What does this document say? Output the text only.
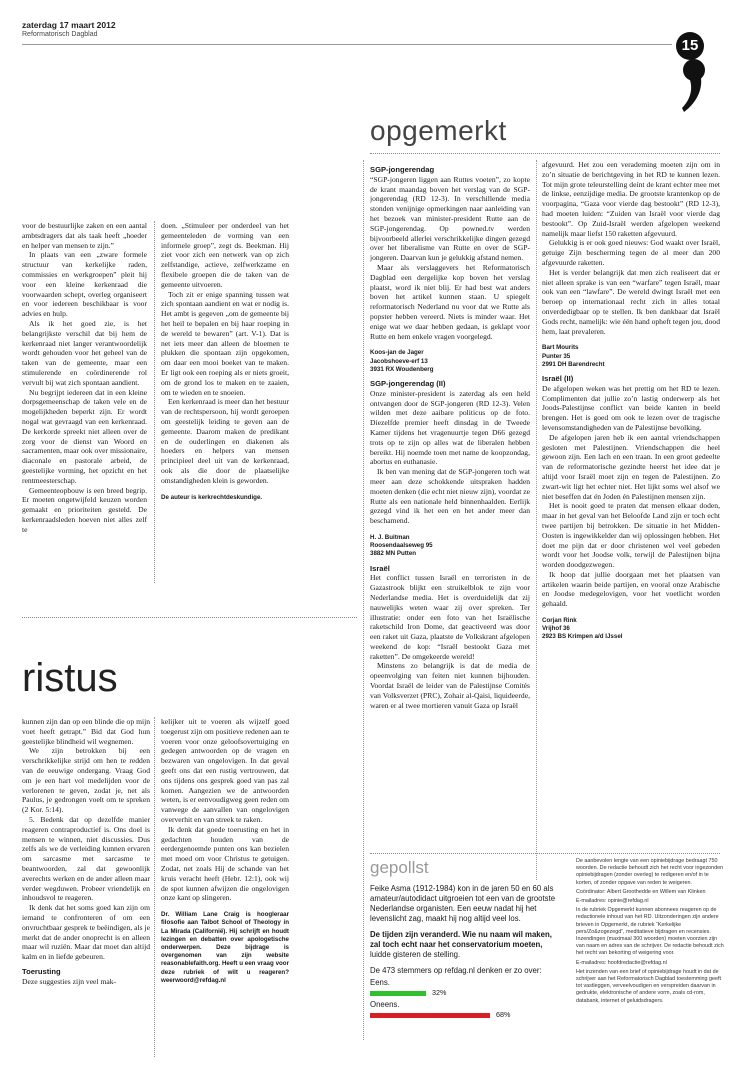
zaterdag 17 maart 2012
Reformatorisch Dagblad
15

voor de bestuurlijke zaken en een aantal ambtsdragers dat als taak heeft „hoeder en helper van mensen te zijn.”

In plaats van een „zware formele structuur van kerkelijke raden, commissies en werkgroepen” pleit hij voor een kleine kerkenraad die voorwaarden schept, overleg organiseert en voor iedereen beschikbaar is voor advies en hulp.

Als ik het goed zie, is het belangrijkste verschil dat bij hem de kerkenraad niet langer verantwoordelijk wordt gehouden voor het geheel van de taken van de gemeente, maar een stimulerende en coördinerende rol vervult bij wat zich spontaan aandient.

Nu begrijpt iedereen dat in een kleine dorpsgemeenschap de taken vele en de mogelijkheden beperkt zijn. Er wordt nogal wat gevraagd van een kerkenraad. De kerkorde spreekt niet alleen over de zorg voor de dienst van Woord en sacramenten, maar ook over missionaire, diaconale en pastorale arbeid, de geestelijke vorming, het opzicht en het rentmeesterschap.

Gemeenteopbouw is een breed begrip. Er moeten ongetwijfeld keuzen worden gemaakt en prioriteiten gesteld. De kerkenraadsleden hoeven niet alles zelf te

doen. „Stimuleer per onderdeel van het gemeenteleden de vorming van een informele groep”, zegt ds. Beekman. Hij ziet voor zich een netwerk van op zich zelfstandige, actieve, zelfwerkzame en flexibele groepen die de taken van de gemeente uitvoeren.

Toch zit er enige spanning tussen wat zich spontaan aandient en wat er nodig is. Het ambt is gegeven „om de gemeente bij het heil te bepalen en bij haar roeping in de wereld te bewaren” (art. V-1). Dat is net iets meer dan alleen de bloemen te plukken die spontaan zijn opgekomen, om daar een mooi boeket van te maken. Er ligt ook een roeping als er niets groeit, om de grond los te maken en te zaaien, om te wieden en te snoeien.

Een kerkenraad is meer dan het bestuur van de rechtspersoon, hij wordt geroepen om geestelijk leiding te geven aan de gemeente. Daarom maken de predikant en de ouderlingen en diakenen als hoeders en helpers van mensen principieel deel uit van de kerkenraad, ook als die door de plaatselijke omstandigheden klein is geworden.

De auteur is kerkrechtdeskundige.
opgemerkt

SGP-jongerendag

“SGP-jongeren liggen aan Ruttes voeten”, zo kopte de krant maandag boven het verslag van de SGP-jongerendag (RD 12-3). In verschillende media stonden venijnige opmerkingen naar aanleiding van het bezoek van minister-president Rutte aan de SGP-jongerendag. Op powned.tv werden bijvoorbeeld allerlei verschrikkelijke dingen gezegd over het liberalisme van Rutte en over de SGP-jongeren. Daarvan kun je gelukkig afstand nemen.

Maar als verslaggevers het Reformatorisch Dagblad een dergelijke kop boven het verslag plaatst, word ik niet blij. Er had best wat anders boven het artikel kunnen staan. U spiegelt reformatorisch Nederland nu voor dat we Rutte als popster hebben vereerd. Niets is minder waar. Het enige wat we daar hebben gedaan, is geklapt voor Rutte en hem enkele vragen voorgelegd.

Koos-jan de Jager
Jacobshoeve-erf 13
3931 RX Woudenberg

SGP-jongerendag (II)

Onze minister-president is zaterdag als een held ontvangen door de SGP-jongeren (RD 12-3). Velen wilden met deze aaibare politicus op de foto. Diezelfde premier heeft dinsdag in de Tweede Kamer tijdens het vragenuurtje tegen D66 gezegd trots op te zijn op alles wat de liberalen hebben bereikt. Hij noemde toen met name de koopzondag, abortus en euthanasie.

Ik ben van mening dat de SGP-jongeren toch wat meer aan deze schokkende uitspraken hadden moeten denken (die echt niet nieuw zijn), voordat ze Rutte als een nationale held binnenhaalden. Eerlijk gezegd vind ik het een en het ander meer dan beschamend.

H. J. Buitman
Roosendaalseweg 95
3882 MN Putten

Israël

Het conflict tussen Israël en terroristen in de Gazastrook blijkt een struikelblok te zijn voor Nederlandse media. Het is overduidelijk dat zij nauwelijks weten waar zij over spreken. Ter illustratie: onder een foto van het Israëlische raketschild Iron Dome, dat geactiveerd was door een raket uit Gaza, plaatste de Volkskrant afgelopen weekend de kop: “Israël bestookt Gaza met raketten”. De omgekeerde wereld!

Minstens zo belangrijk is dat de media de opeenvolging van feiten niet kunnen bijhouden. Voordat Israël de leider van de Palestijnse Comités van Volksverzet (PRC), Zohair al-Qaisi, liquideerde, waren er al twee mortieren vanuit Gaza op Israël

afgevuurd. Het zou een verademing moeten zijn om in zo’n situatie de berichtgeving in het RD te kunnen lezen. Tot mijn grote teleurstelling deint de krant echter mee met de linkse, eenzijdige media. De grootste krantenkop op de voorpagina, “Gaza voor vierde dag bestookt” (RD 12-3), had moeten luiden: “Zuiden van Israël voor vierde dag bestookt”. Op Zuid-Israël werden afgelopen weekend namelijk maar liefst 150 raketten afgevuurd.

Gelukkig is er ook goed nieuws: God waakt over Israël, getuige Zijn bescherming tegen de al meer dan 200 afgevuurde raketten.

Het is verder belangrijk dat men zich realiseert dat er niet alleen sprake is van een “warfare” tegen Israël, maar ook van een “lawfare”. De wereld dwingt Israël met een beroep op internationaal recht zich in alles totaal onverdedigbaar op te stellen. Ik ben dankbaar dat Israël Gods recht, namelijk: wie één hand opheft tegen jou, dood hem, laat prevaleren.

Bart Mourits
Punter 35
2991 DH Barendrecht

Israël (II)

De afgelopen weken was het prettig om het RD te lezen. Complimenten dat jullie zo’n lastig onderwerp als het Joods-Palestijnse conflict van beide kanten in beeld brengen. Het is goed om ook te lezen over de tragische levensomstandigheden van de Palestijnse bevolking.

De afgelopen jaren heb ik een aantal vriendschappen gesloten met Palestijnen. Vriendschappen die heel gewoon zijn. Een lach en een traan. In een groot gedeelte van de reformatorische gezindte heerst het idee dat je altijd voor Israël moet zijn en tegen de Palestijnen. Zo zwart-wit ligt het echter niet. Het lijkt soms wel alsof we niet beseffen dat én Joden én Palestijnen mensen zijn.

Het is nooit goed te praten dat mensen elkaar doden, maar in het geval van het Beloofde Land zijn er toch echt twee partijen bij betrokken. De situatie in het Midden-Oosten is ingewikkelder dan wij oplossingen hebben. Het doet me pijn dat er door christenen wel veel gebeden wordt voor het Joodse volk, terwijl de Palestijnen bijna worden doodgezwegen.

Ik hoop dat jullie doorgaan met het plaatsen van artikelen waarin beide partijen, en vooral onze Arabische en Joodse medegelovigen, voor het voetlicht worden gehaald.

Corjan Rink
Vrijhof 36
2923 BS Krimpen a/d IJssel
ristus

kunnen zijn dan op een blinde die op mijn voet heeft getrapt.” Bid dat God hun geestelijke blindheid wil wegnemen.

We zijn betrokken bij een verschrikkelijke strijd om hen te redden van de eeuwige ondergang. Vraag God om je een hart vol medelijden voor de verlorenen te geven, zodat je, net als Paulus, je gedrongen voelt om te spreken (2 Kor. 5:14).

5. Bedenk dat op dezelfde manier reageren contraproductief is. Ons doel is mensen te winnen, niet discussies. Dus zelfs als we de verleiding kunnen ervaren om sarcasme met sarcasme te beantwoorden, zal dat gewoonlijk averechts werken en de ander alleen maar verder wegduwen. Probeer vriendelijk en inhoudsvol te reageren.

Ik denk dat het soms goed kan zijn om iemand te confronteren of om een onvruchtbaar gesprek te beëindigen, als je merkt dat de ander onoprecht is en alleen maar wil ruziën. Maar dat moet dan altijd kalm en in liefde gebeuren.

Toerusting

Deze suggesties zijn veel mak-

kelijker uit te voeren als wijzelf goed toegerust zijn om positieve redenen aan te voeren voor onze geloofsovertuiging en gedegen antwoorden op de vragen en bezwaren van ongelovigen. In dat geval geeft ons dat een rustig vertrouwen, dat ons tijdens ons gesprek goed van pas zal komen. Aangezien we de antwoorden weten, is er eenvoudigweg geen reden om vanwege de aanvallen van ongelovigen oververhit en van streek te raken.

Ik denk dat goede toerusting en het in gedachten houden van de eerdergenoemde punten ons kan bezielen met moed om voor Christus te getuigen. Zodat, net zoals Hij de schande van het kruis veracht heeft (Hebr. 12:1), ook wij de spot kunnen afwijzen die ongelovigen onze kant op slingeren.

Dr. William Lane Craig is hoogleraar filosofie aan Talbot School of Theology in La Mirada (Californië). Hij schrijft en houdt lezingen en debatten over apologetische onderwerpen. Deze bijdrage is overgenomen van zijn website reasonablefaith.org. Heeft u een vraag voor deze rubriek of wilt u reageren? weerwoord@refdag.nl
gepollst

Feike Asma (1912-1984) kon in de jaren 50 en 60 als amateur/autodidact uitgroeien tot een van de grootste Nederlandse organisten. Een eeuw nadat hij het levenslicht zag, maakt hij nog altijd veel los.

De tijden zijn veranderd. Wie nu naam wil maken, zal toch echt naar het conservatorium moeten, luidde gisteren de stelling.

De 473 stemmers op refdag.nl denken er zo over:

Eens.
32%
Oneens.
68%

De aanbevolen lengte van een opiniebijdrage bedraagt 750 woorden. De redactie behoudt zich het recht voor ingezonden opiniebijdragen (zonder overleg) te redigeren en/of in te korten, of zonder opgave van reden te weigeren.

Coördinator: Albert Groothedde en Willem van Klinken

E-mailadres: opinie@refdag.nl

In de rubriek Opgemerkt kunnen abonnees reageren op de redactionele inhoud van het RD. Uitzonderingen zijn andere brieven in Opgemerkt, de rubriek “Kerkelijke pers/Zo&zogezegd”, meditatieve bijdragen en recensies. Inzendingen (maximaal 300 woorden) moeten voorzien zijn van naam en adres van de schrijver. De redactie behoudt zich het recht van bekorting of weigering voor.

E-mailadres: hoofdredactie@refdag.nl

Het inzenden van een brief of opiniebijdrage houdt in dat de schrijver aan het Reformatorisch Dagblad toestemming geeft tot vastleggen, verveelvoudigen en verspreiden daarvan in gedrukte, elektronische of andere vorm, zoals cd-rom, databank, internet of geluidsdragers.
